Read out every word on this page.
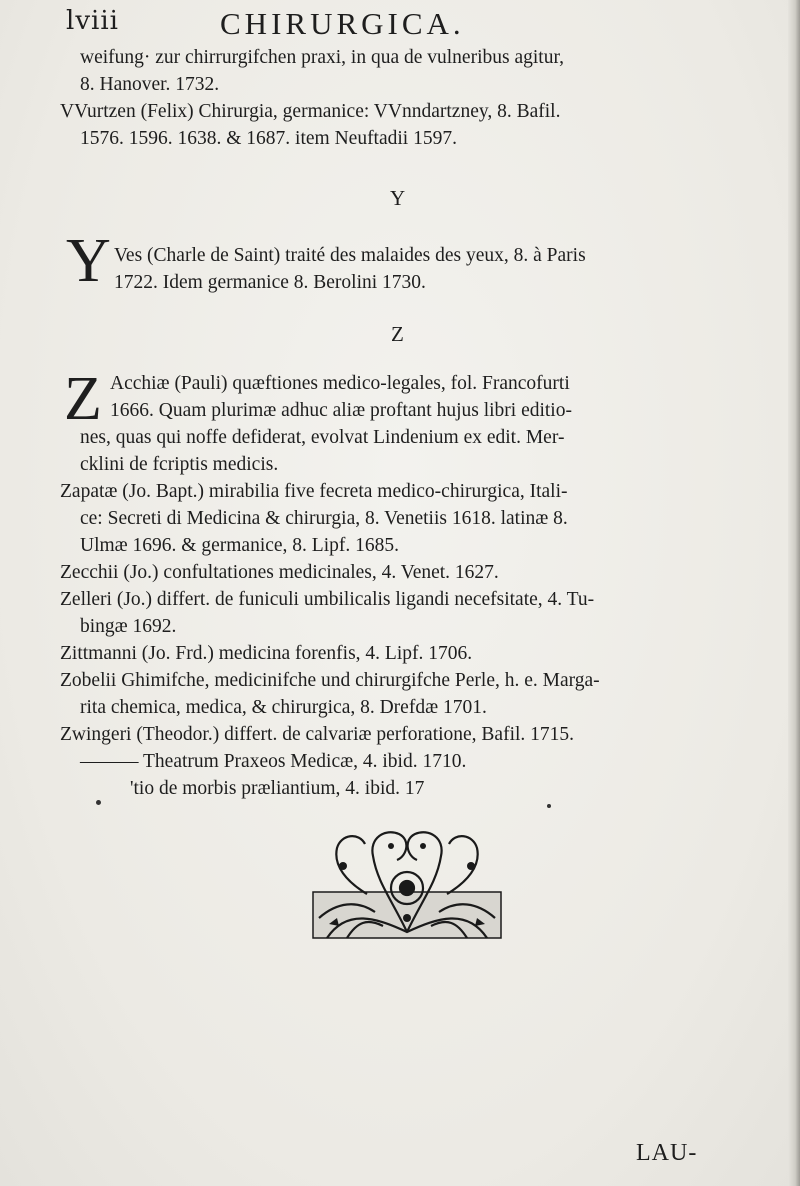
lviii	CHIRURGICA.
weifung· zur chirrurgifchen praxi, in qua de vulneribus agitur,
8. Hanover. 1732.
VVurtzen (Felix) Chirurgia, germanice: VVnndartzney, 8. Bafil.
1576. 1596. 1638. & 1687. item Neuftadii 1597.
Y
Y Ves (Charle de Saint) traité des malaides des yeux, 8. à Paris
1722. Idem germanice 8. Berolini 1730.
Z
Z Acchiæ (Pauli) quæftiones medico-legales, fol. Francofurti
1666. Quam plurimæ adhuc aliæ proftant hujus libri editio-
nes, quas qui noffe defiderat, evolvat Lindenium ex edit. Mer-
cklini de fcriptis medicis.
Zapatæ (Jo. Bapt.) mirabilia five fecreta medico-chirurgica, Itali-
ce: Secreti di Medicina & chirurgia, 8. Venetiis 1618. latinæ 8.
Ulmæ 1696. & germanice, 8. Lipf. 1685.
Zecchii (Jo.) confultationes medicinales, 4. Venet. 1627.
Zelleri (Jo.) differt. de funiculi umbilicalis ligandi necefsitate, 4. Tu-
bingæ 1692.
Zittmanni (Jo. Frd.) medicina forenfis, 4. Lipf. 1706.
Zobelii Ghimifche, medicinifche und chirurgifche Perle, h. e. Marga-
rita chemica, medica, & chirurgica, 8. Drefdæ 1701.
Zwingeri (Theodor.) differt. de calvariæ perforatione, Bafil. 1715.
——— Theatrum Praxeos Medicæ, 4. ibid. 1710.
'tio de morbis præliantium, 4. ibid. 17
LAU-
